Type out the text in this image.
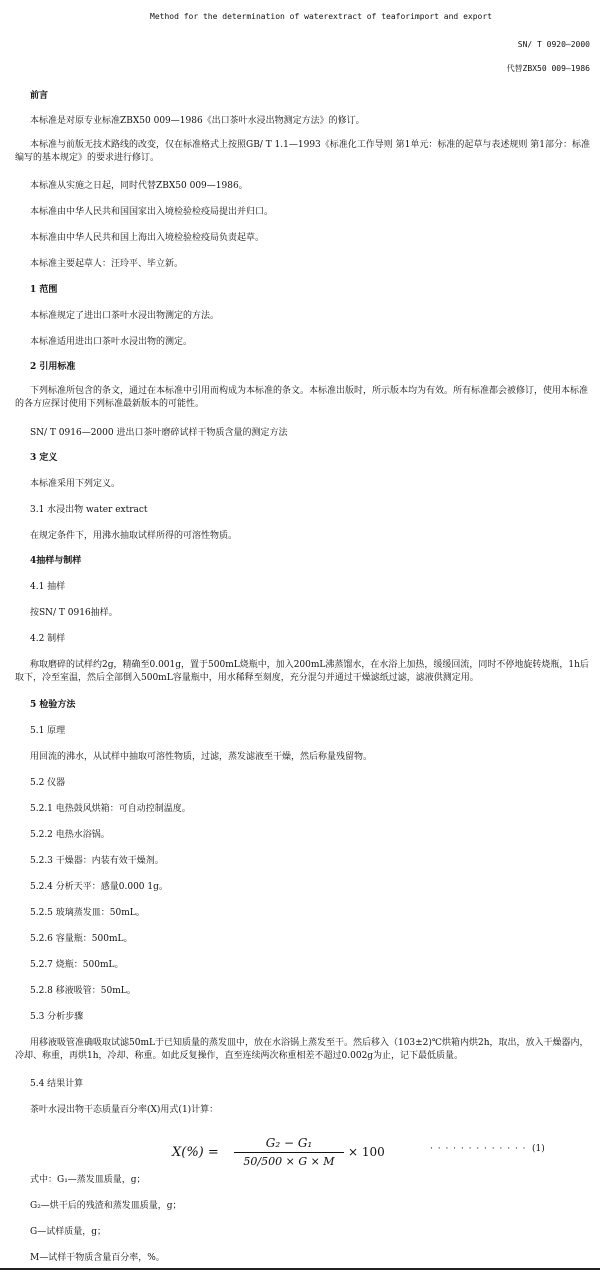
Method for the determination of waterextract of teaforimport and export
SN/ T 0920—2000
代替ZBX50 009—1986
前言
本标准是对原专业标准ZBX50 009—1986《出口茶叶水浸出物测定方法》的修订。
本标准与前版无技术路线的改变，仅在标准格式上按照GB/ T 1.1—1993《标准化工作导则 第1单元：标准的起草与表述规则 第1部分：标准编写的基本规定》的要求进行修订。
本标准从实施之日起，同时代替ZBX50 009—1986。
本标准由中华人民共和国国家出入境检验检疫局提出并归口。
本标准由中华人民共和国上海出入境检验检疫局负责起草。
本标准主要起草人：汪玲平、毕立新。
1 范围
本标准规定了进出口茶叶水浸出物测定的方法。
本标准适用进出口茶叶水浸出物的测定。
2 引用标准
下列标准所包含的条文，通过在本标准中引用而构成为本标准的条文。本标准出版时，所示版本均为有效。所有标准都会被修订，使用本标准的各方应探讨使用下列标准最新版本的可能性。
SN/ T 0916—2000 进出口茶叶磨碎试样干物质含量的测定方法
3 定义
本标准采用下列定义。
3.1 水浸出物 water extract
在规定条件下，用沸水抽取试样所得的可溶性物质。
4抽样与制样
4.1 抽样
按SN/ T 0916抽样。
4.2 制样
称取磨碎的试样约2g，精确至0.001g，置于500mL烧瓶中，加入200mL沸蒸馏水，在水浴上加热，缓缓回流，同时不停地旋转烧瓶，1h后取下，冷至室温，然后全部倒入500mL容量瓶中，用水稀释至刻度，充分混匀并通过干燥滤纸过滤，滤液供测定用。
5 检验方法
5.1 原理
用回流的沸水，从试样中抽取可溶性物质，过滤，蒸发滤液至干燥，然后称量残留物。
5.2 仪器
5.2.1 电热鼓风烘箱：可自动控制温度。
5.2.2 电热水浴锅。
5.2.3 干燥器：内装有效干燥剂。
5.2.4 分析天平：感量0.000 1g。
5.2.5 玻璃蒸发皿：50mL。
5.2.6 容量瓶：500mL。
5.2.7 烧瓶：500mL。
5.2.8 移液吸管：50mL。
5.3 分析步骤
用移液吸管准确吸取试滤50mL于已知质量的蒸发皿中，放在水浴锅上蒸发至干。然后移入（103±2)℃烘箱内烘2h，取出，放入干燥器内，冷却、称重，再烘1h，冷却、称重。如此反复操作，直至连续两次称重相差不超过0.002g为止，记下最低质量。
5.4 结果计算
茶叶水浸出物干态质量百分率(X)用式(1)计算：
$X(\%) = \frac{\text{G₂ − G₁}}{50/500 \times G \times M} \times 100$	· · · · · · · · · · · · · (1)
式中：G₁—蒸发皿质量，g；
G₂—烘干后的残渣和蒸发皿质量，g；
G—试样质量，g；
M—试样干物质含量百分率，%。
